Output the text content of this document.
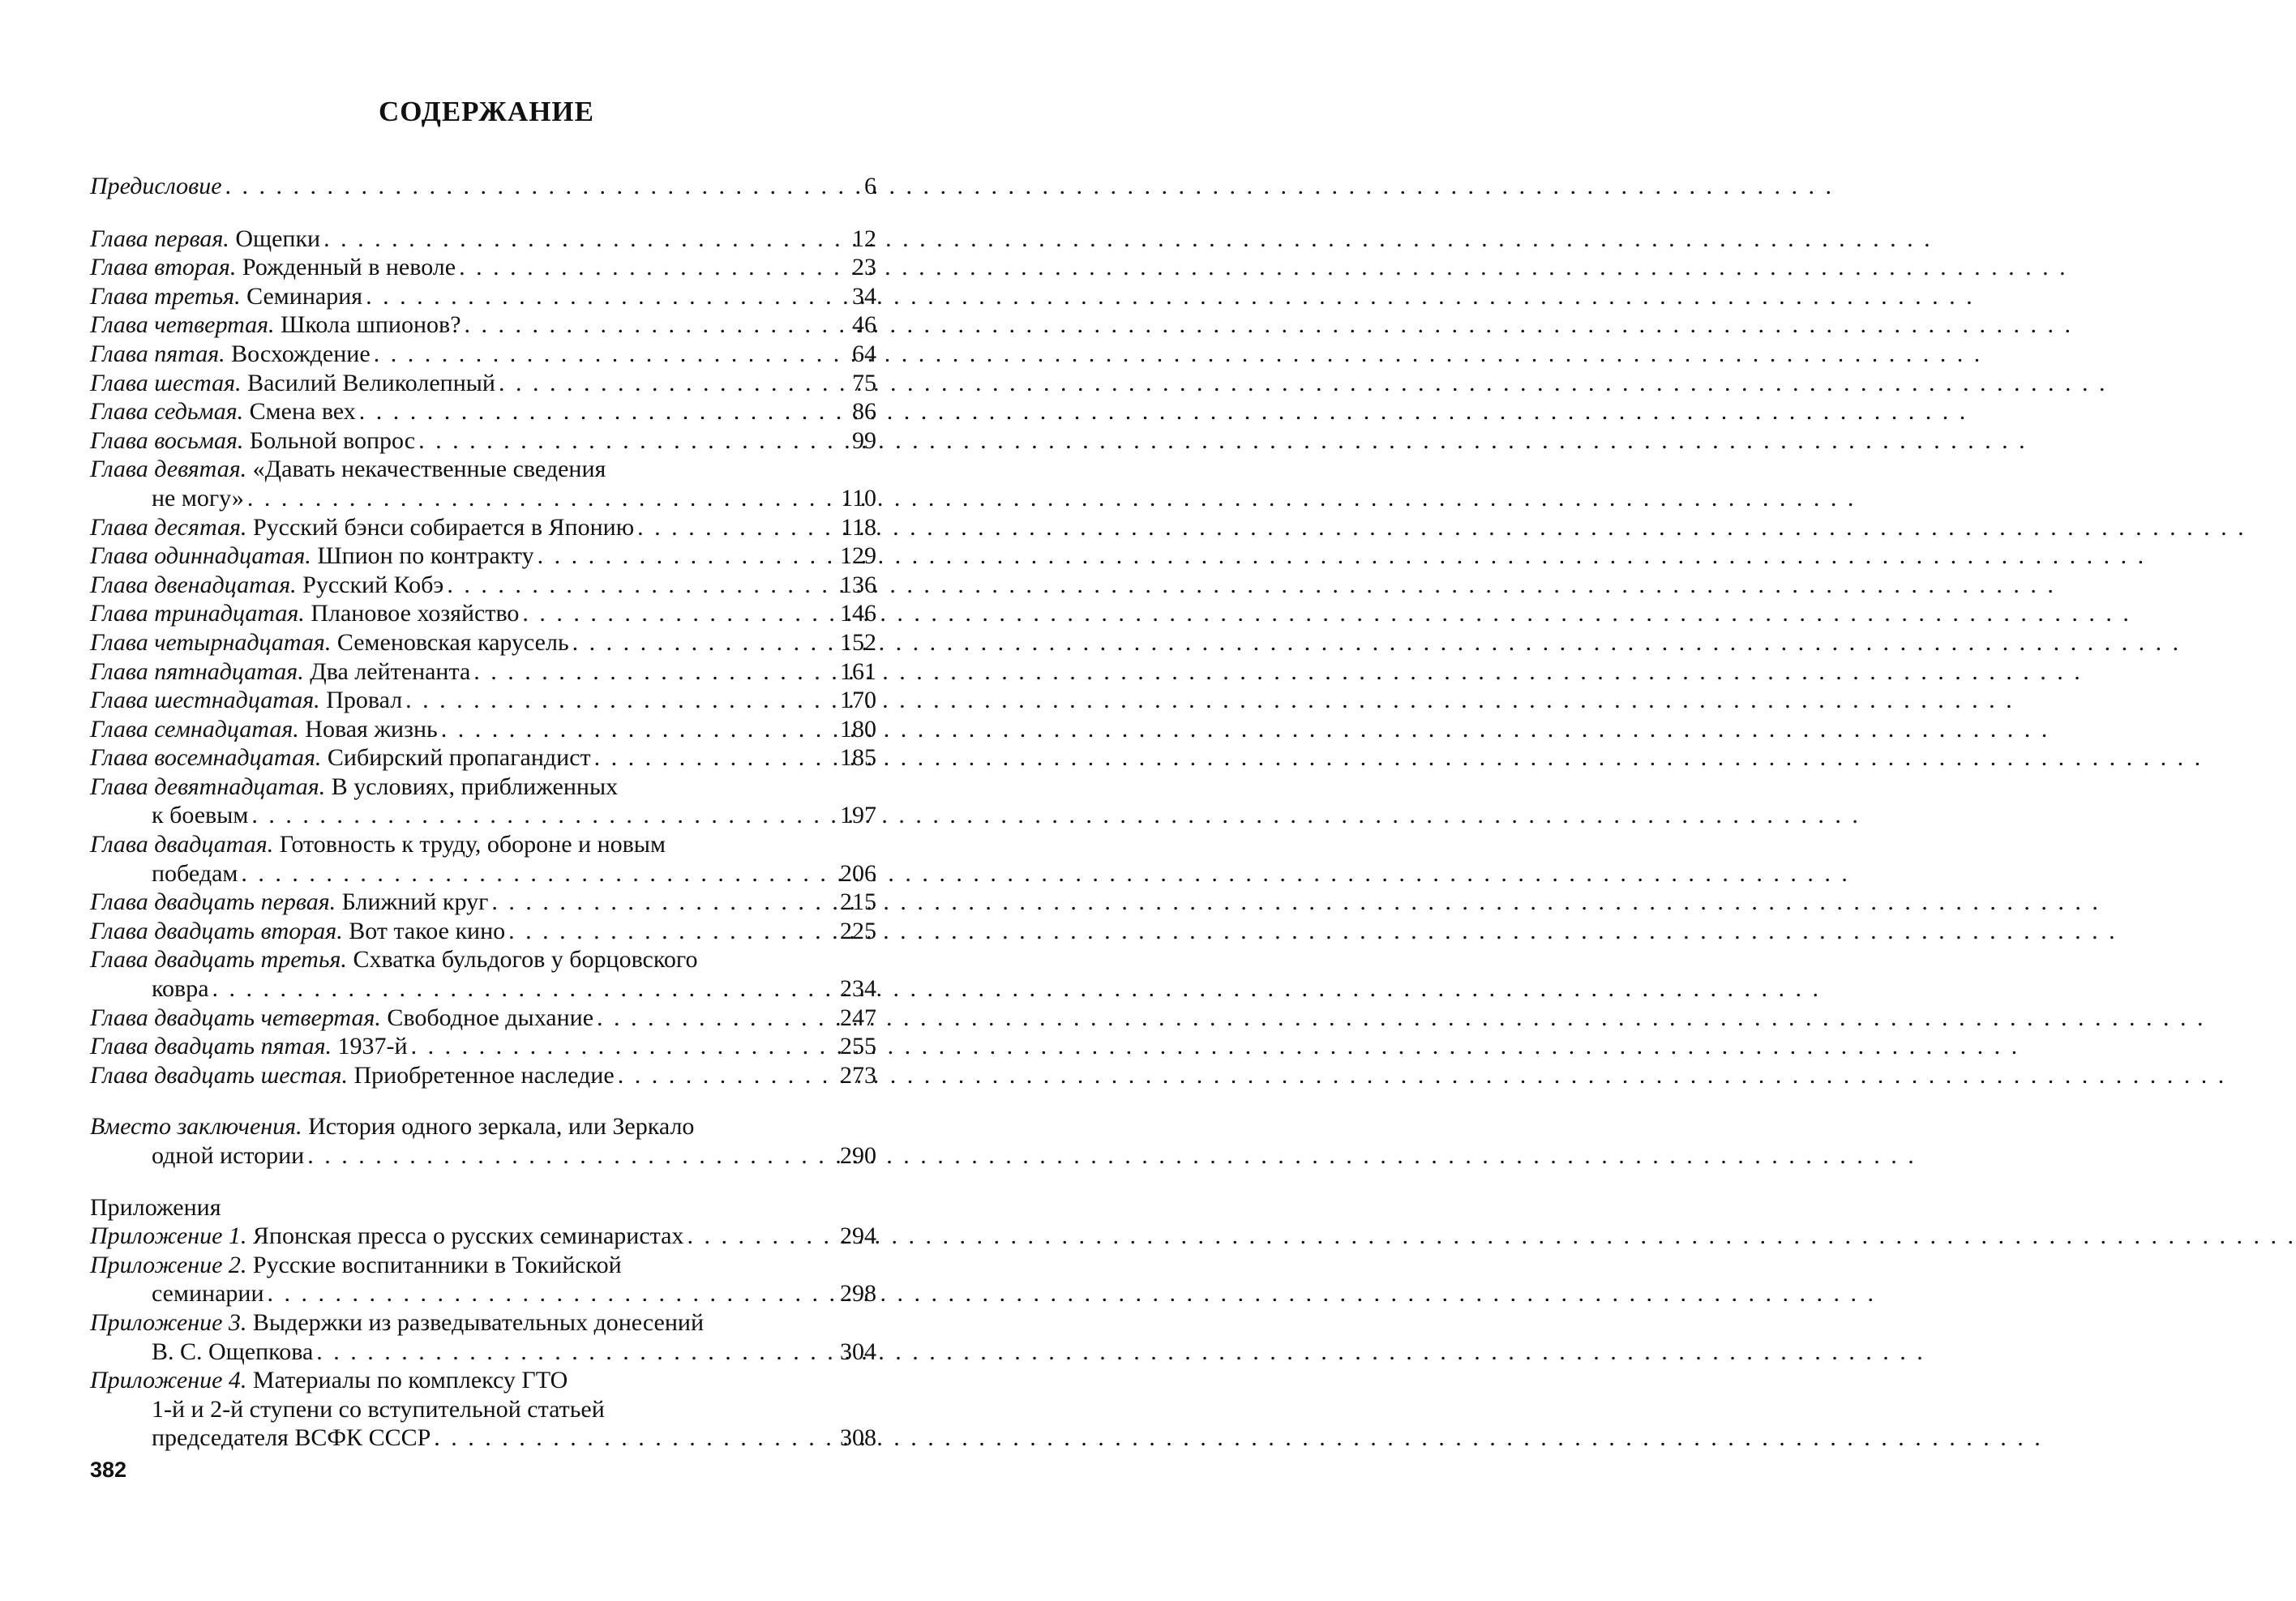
СОДЕРЖАНИЕ
Предисловие . . .	6
Глава первая. Ощепки . . .	12
Глава вторая. Рожденный в неволе . . .	23
Глава третья. Семинария . . .	34
Глава четвертая. Школа шпионов? . . .	46
Глава пятая. Восхождение . . .	64
Глава шестая. Василий Великолепный . . .	75
Глава седьмая. Смена вех . . .	86
Глава восьмая. Больной вопрос . . .	99
Глава девятая. «Давать некачественные сведения
не могу» . . .	110
Глава десятая. Русский бэнси собирается в Японию . . .	118
Глава одиннадцатая. Шпион по контракту . . .	129
Глава двенадцатая. Русский Кобэ . . .	136
Глава тринадцатая. Плановое хозяйство . . .	146
Глава четырнадцатая. Семеновская карусель . . .	152
Глава пятнадцатая. Два лейтенанта . . .	161
Глава шестнадцатая. Провал . . .	170
Глава семнадцатая. Новая жизнь . . .	180
Глава восемнадцатая. Сибирский пропагандист . . .	185
Глава девятнадцатая. В условиях, приближенных
к боевым . . .	197
Глава двадцатая. Готовность к труду, обороне и новым
победам . . .	206
Глава двадцать первая. Ближний круг . . .	215
Глава двадцать вторая. Вот такое кино . . .	225
Глава двадцать третья. Схватка бульдогов у борцовского
ковра . . .	234
Глава двадцать четвертая. Свободное дыхание . . .	247
Глава двадцать пятая. 1937-й . . .	255
Глава двадцать шестая. Приобретенное наследие . . .	273
Вместо заключения. История одного зеркала, или Зеркало
одной истории . . .	290
Приложения
Приложение 1. Японская пресса о русских семинаристах . . .	294
Приложение 2. Русские воспитанники в Токийской
семинарии . . .	298
Приложение 3. Выдержки из разведывательных донесений
В. С. Ощепкова . . .	304
Приложение 4. Материалы по комплексу ГТО
1-й и 2-й ступени со вступительной статьей
председателя ВСФК СССР . . .	308
382
